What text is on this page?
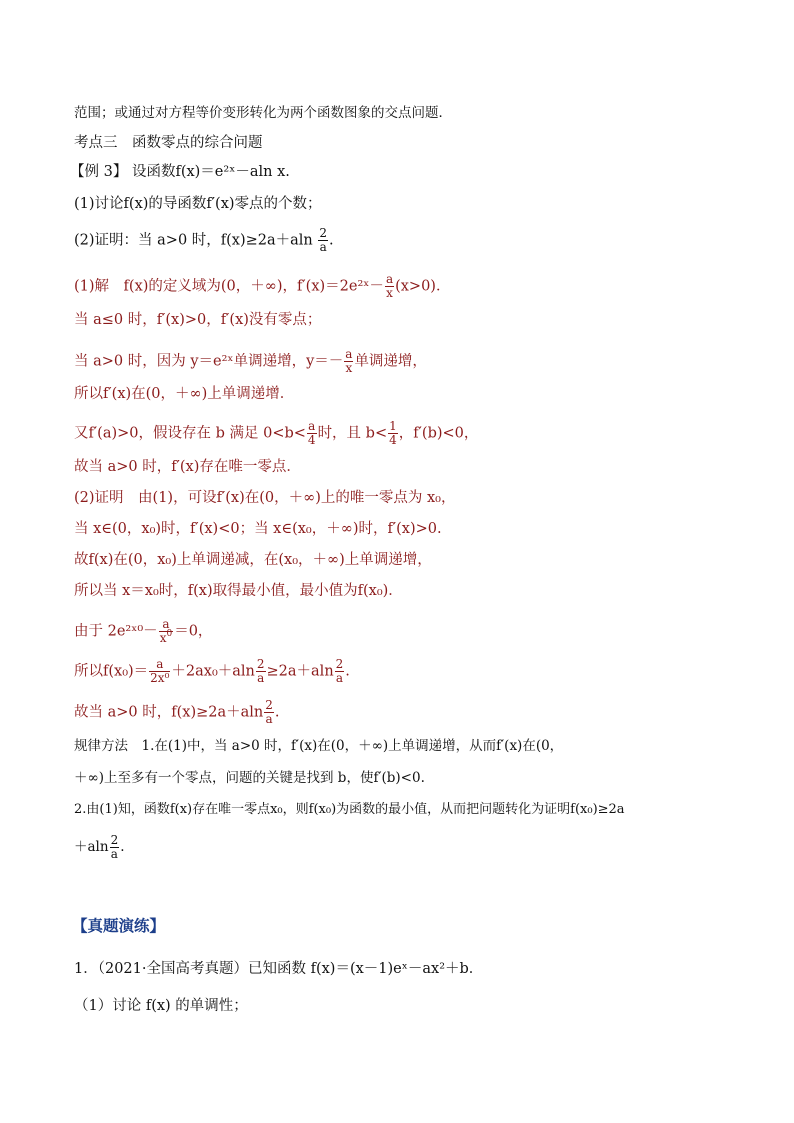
范围；或通过对方程等价变形转化为两个函数图象的交点问题．
考点三　函数零点的综合问题
【例 3】 设函数f(x)＝e²ˣ－aln x.
(1)讨论f(x)的导函数f′(x)零点的个数；
(2)证明：当 a>0 时，$f(x)\ge 2a+aln \frac{2}{a}$ .
(1)解　f(x)的定义域为(0，＋∞)，f′(x)＝2e²ˣ－ $\frac{a}{x} (x>0)$．
当 a≤0 时，f′(x)>0，f′(x)没有零点；
当 a>0 时，因为 y＝e²ˣ单调递增，$y=- \frac{a}{x}$ 单调递增，
所以f′(x)在(0，＋∞)上单调递增．
又f′(a)>0，假设存在 b 满足 $0<b< \frac{a}{4}$ 时，且 $b< \frac{1}{4}$ ，f′(b)<0，
故当 a>0 时，f′(x)存在唯一零点．
(2)证明　由(1)，可设f′(x)在(0，＋∞)上的唯一零点为 x₀，
当 x∈(0，x₀)时，f′(x)<0；当 x∈(x₀，＋∞)时，f′(x)>0.
故f(x)在(0，x₀)上单调递减，在(x₀，＋∞)上单调递增，
所以当 x＝x₀时，f(x)取得最小值，最小值为f(x₀)．
由于 2e²ˣ⁰－ $\frac{a}{x^0} =0$，
所以$f(x_0)= \frac{a}{\text{2x⁰}} +2ax_0+aln \frac{2}{a} \ge 2a+aln \frac{2}{a}$ .
故当 a>0 时，$f(x)\ge 2a+aln \frac{2}{a}$ .
规律方法　1.在(1)中，当 a>0 时，f′(x)在(0，＋∞)上单调递增，从而f′(x)在(0，
＋∞)上至多有一个零点，问题的关键是找到 b，使f′(b)<0.
2.由(1)知，函数f(x)存在唯一零点x₀，则f(x₀)为函数的最小值，从而把问题转化为证明f(x₀)≥2a
$+aln \frac{2}{a}$ .
【真题演练】
1．（2021·全国高考真题）已知函数 f(x)＝(x－1)eˣ－ax²＋b．
（1）讨论 f(x) 的单调性；
